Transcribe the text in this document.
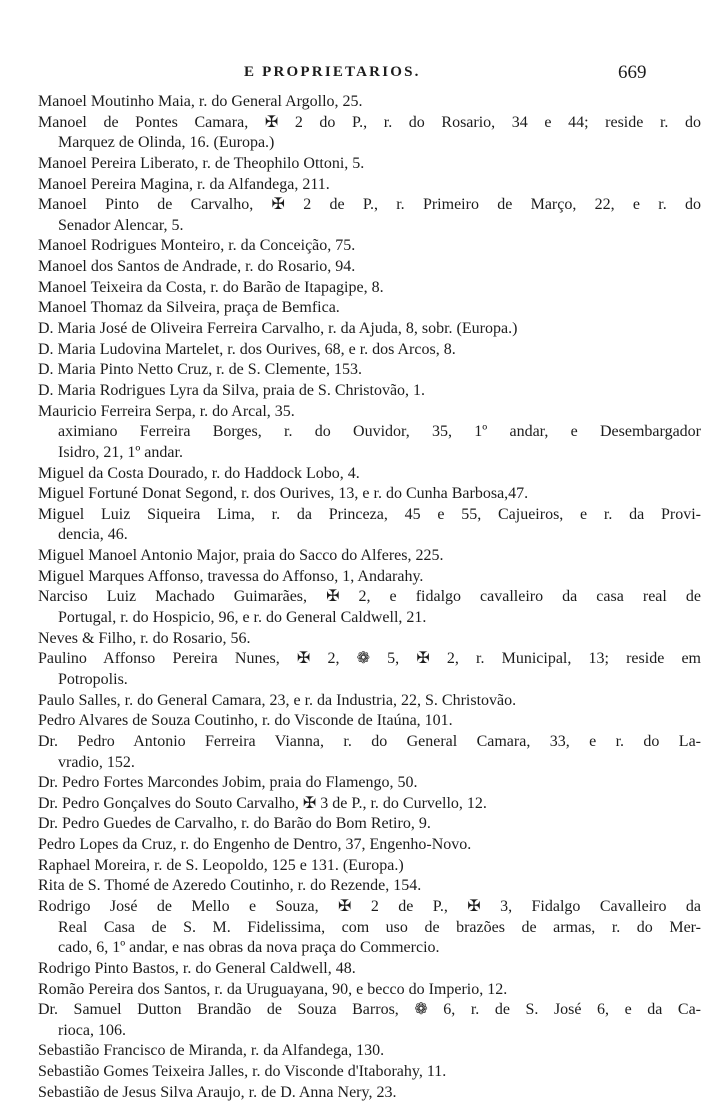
E PROPRIETARIOS.	669
Manoel Moutinho Maia, r. do General Argollo, 25.
Manoel de Pontes Camara, ✠ 2 do P., r. do Rosario, 34 e 44; reside r. do
Marquez de Olinda, 16. (Europa.)
Manoel Pereira Liberato, r. de Theophilo Ottoni, 5.
Manoel Pereira Magina, r. da Alfandega, 211.
Manoel Pinto de Carvalho, ✠ 2 de P., r. Primeiro de Março, 22, e r. do
Senador Alencar, 5.
Manoel Rodrigues Monteiro, r. da Conceição, 75.
Manoel dos Santos de Andrade, r. do Rosario, 94.
Manoel Teixeira da Costa, r. do Barão de Itapagipe, 8.
Manoel Thomaz da Silveira, praça de Bemfica.
D. Maria José de Oliveira Ferreira Carvalho, r. da Ajuda, 8, sobr. (Europa.)
D. Maria Ludovina Martelet, r. dos Ourives, 68, e r. dos Arcos, 8.
D. Maria Pinto Netto Cruz, r. de S. Clemente, 153.
D. Maria Rodrigues Lyra da Silva, praia de S. Christovão, 1.
Mauricio Ferreira Serpa, r. do Arcal, 35.
aximiano Ferreira Borges, r. do Ouvidor, 35, 1º andar, e Desembargador
Isidro, 21, 1º andar.
Miguel da Costa Dourado, r. do Haddock Lobo, 4.
Miguel Fortuné Donat Segond, r. dos Ourives, 13, e r. do Cunha Barbosa,47.
Miguel Luiz Siqueira Lima, r. da Princeza, 45 e 55, Cajueiros, e r. da Provi-
dencia, 46.
Miguel Manoel Antonio Major, praia do Sacco do Alferes, 225.
Miguel Marques Affonso, travessa do Affonso, 1, Andarahy.
Narciso Luiz Machado Guimarães, ✠ 2, e fidalgo cavalleiro da casa real de
Portugal, r. do Hospicio, 96, e r. do General Caldwell, 21.
Neves & Filho, r. do Rosario, 56.
Paulino Affonso Pereira Nunes, ✠ 2, ❁ 5, ✠ 2, r. Municipal, 13; reside em
Potropolis.
Paulo Salles, r. do General Camara, 23, e r. da Industria, 22, S. Christovão.
Pedro Alvares de Souza Coutinho, r. do Visconde de Itaúna, 101.
Dr. Pedro Antonio Ferreira Vianna, r. do General Camara, 33, e r. do La-
vradio, 152.
Dr. Pedro Fortes Marcondes Jobim, praia do Flamengo, 50.
Dr. Pedro Gonçalves do Souto Carvalho, ✠ 3 de P., r. do Curvello, 12.
Dr. Pedro Guedes de Carvalho, r. do Barão do Bom Retiro, 9.
Pedro Lopes da Cruz, r. do Engenho de Dentro, 37, Engenho-Novo.
Raphael Moreira, r. de S. Leopoldo, 125 e 131. (Europa.)
Rita de S. Thomé de Azeredo Coutinho, r. do Rezende, 154.
Rodrigo José de Mello e Souza, ✠ 2 de P., ✠ 3, Fidalgo Cavalleiro da
Real Casa de S. M. Fidelissima, com uso de brazões de armas, r. do Mer-
cado, 6, 1º andar, e nas obras da nova praça do Commercio.
Rodrigo Pinto Bastos, r. do General Caldwell, 48.
Romão Pereira dos Santos, r. da Uruguayana, 90, e becco do Imperio, 12.
Dr. Samuel Dutton Brandão de Souza Barros, ❁ 6, r. de S. José 6, e da Ca-
rioca, 106.
Sebastião Francisco de Miranda, r. da Alfandega, 130.
Sebastião Gomes Teixeira Jalles, r. do Visconde d'Itaborahy, 11.
Sebastião de Jesus Silva Araujo, r. de D. Anna Nery, 23.
